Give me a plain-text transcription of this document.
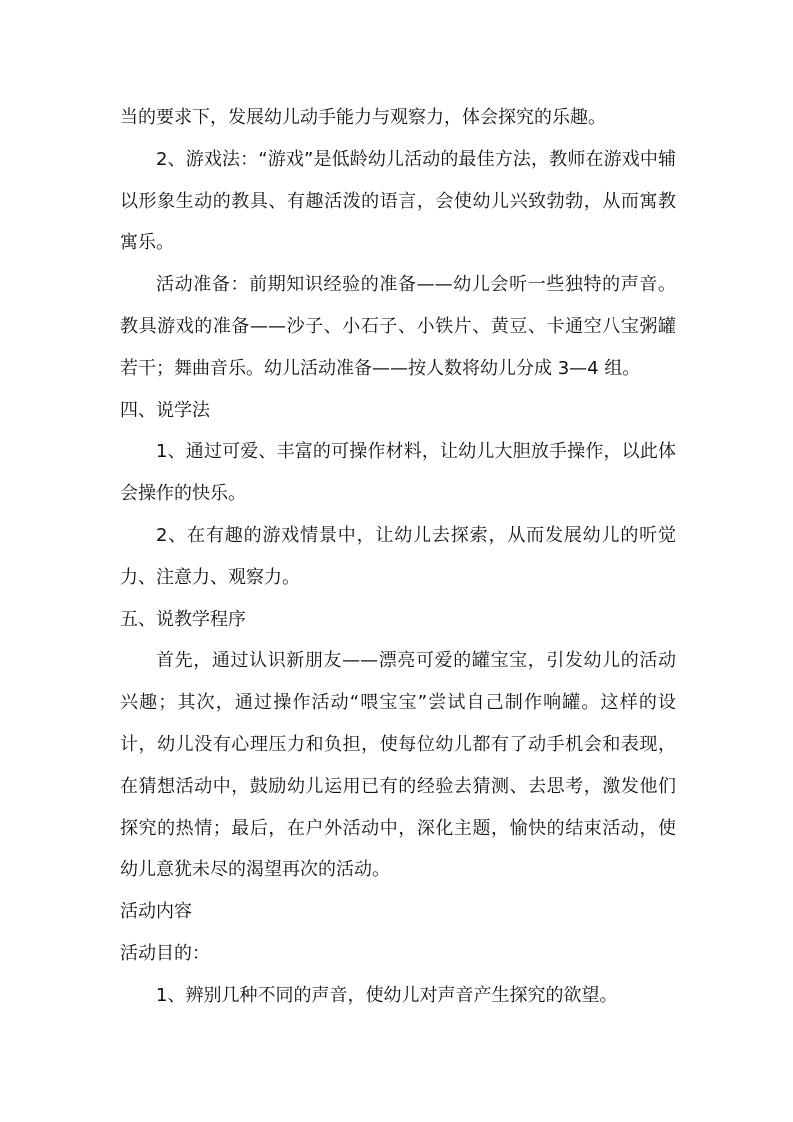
当的要求下，发展幼儿动手能力与观察力，体会探究的乐趣。

2、游戏法：“游戏”是低龄幼儿活动的最佳方法，教师在游戏中辅以形象生动的教具、有趣活泼的语言，会使幼儿兴致勃勃，从而寓教寓乐。

活动准备：前期知识经验的准备——幼儿会听一些独特的声音。教具游戏的准备——沙子、小石子、小铁片、黄豆、卡通空八宝粥罐若干；舞曲音乐。幼儿活动准备——按人数将幼儿分成 3—4 组。

四、说学法

1、通过可爱、丰富的可操作材料，让幼儿大胆放手操作，以此体会操作的快乐。

2、在有趣的游戏情景中，让幼儿去探索，从而发展幼儿的听觉力、注意力、观察力。

五、说教学程序

首先，通过认识新朋友——漂亮可爱的罐宝宝，引发幼儿的活动兴趣；其次，通过操作活动“喂宝宝”尝试自己制作响罐。这样的设计，幼儿没有心理压力和负担，使每位幼儿都有了动手机会和表现，在猜想活动中，鼓励幼儿运用已有的经验去猜测、去思考，激发他们探究的热情；最后，在户外活动中，深化主题，愉快的结束活动，使幼儿意犹未尽的渴望再次的活动。

活动内容

活动目的：

1、辨别几种不同的声音，使幼儿对声音产生探究的欲望。
